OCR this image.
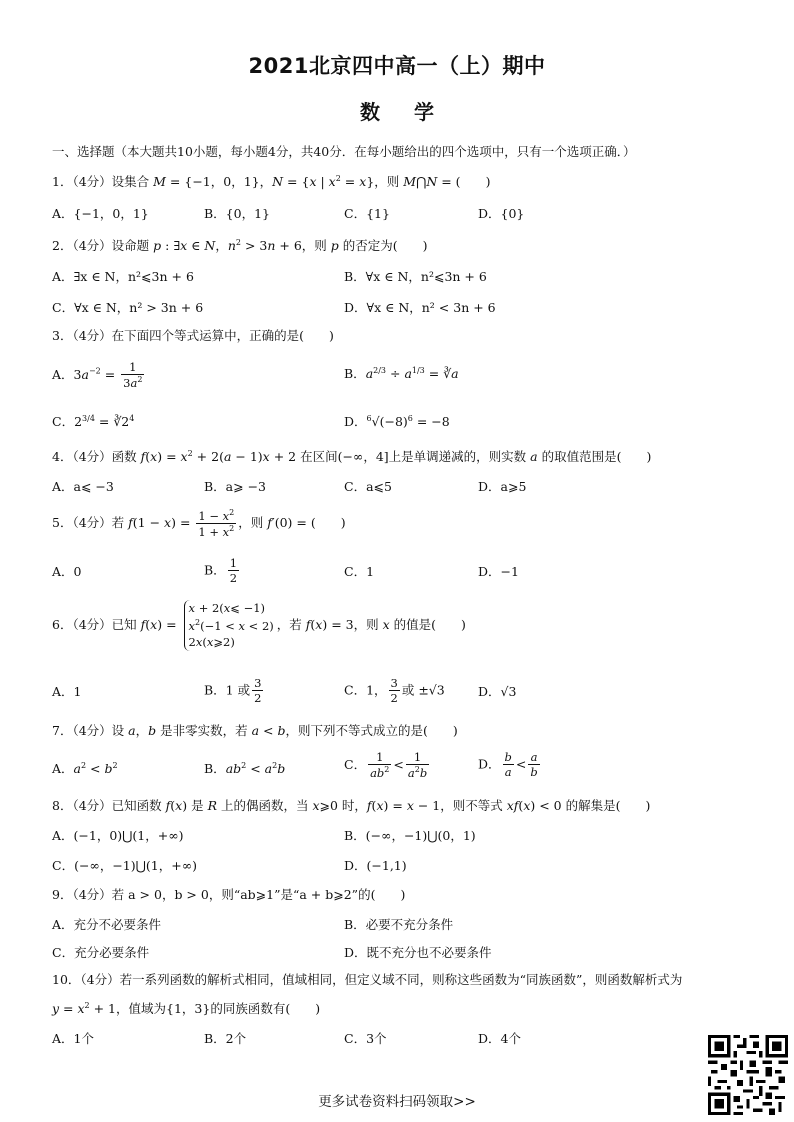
2021北京四中高一（上）期中
数学
一、选择题（本大题共10小题，每小题4分，共40分．在每小题给出的四个选项中，只有一个选项正确．）
1．（4分）设集合 M = {−1，0，1}，N = {x | $x^2 = x$}，则 M⋂N = (　　)
A．{−1，0，1}	B．{0，1}	C．{1}	D．{0}
2．（4分）设命题 p : ∃x ∈ N，$n^2 > 3n + 6$，则 p 的否定为(　　)
A．∃x ∈ N，n²⩽3n + 6	B．∀x ∈ N，n²⩽3n + 6
C．∀x ∈ N，n² > 3n + 6	D．∀x ∈ N，n² < 3n + 6
3．（4分）在下面四个等式运算中，正确的是(　　)
A．$3a^{-2} = \frac{1}{3a^2}$	B．$a^{2/3} \div a^{1/3}$ = ∛a
C．$2^{3/4}$ = $∛2^4$	D．$^6√(-8)^6 = -8$
4．（4分）函数 $f(x) = x^2 + 2(a - 1)x + 2$ 在区间(−∞，4]上是单调递减的，则实数 a 的取值范围是(　　)
A．a⩽ −3	B．a⩾ −3	C．a⩽5	D．a⩾5
5．（4分）若 $f(1 - x) = \frac{1 - x^2}{1 + x^2}$ ，则 f′(0) = (　　)
A．0	B． $\frac{1}{2}$	C．1	D．−1
6．（4分）已知 f(x) =
x + 2(x⩽ −1)
$x^2(-1 < x < 2)$
2x(x⩾2)
，若 f(x) = 3，则 x 的值是(　　)
A．1	B．1 或 $\frac{3}{2}$	C．1， $\frac{3}{2}$ 或 ±√3	D．√3
7．（4分）设 a，b 是非零实数，若 a < b，则下列不等式成立的是(　　)
A．$a^2 < b^2$	B．$ab^2 < a^2b$	C． $\frac{1}{ab^2} < \frac{1}{a^2b}$	D． $\frac{b}{a} < \frac{a}{b}$
8．（4分）已知函数 f(x) 是 R 上的偶函数，当 x⩾0 时，f(x) = x − 1，则不等式 xf(x) < 0 的解集是(　　)
A．(−1，0)⋃(1，+∞)	B．(−∞，−1)⋃(0，1)
C．(−∞，−1)⋃(1，+∞)	D．(−1,1)
9．（4分）若 a > 0，b > 0，则“ab⩾1”是“a + b⩾2”的(　　)
A．充分不必要条件	B．必要不充分条件
C．充分必要条件	D．既不充分也不必要条件
10．（4分）若一系列函数的解析式相同，值域相同，但定义域不同，则称这些函数为“同族函数”，则函数解析式为
$y = x^2 + 1$，值域为{1，3}的同族函数有(　　)
A．1个	B．2个	C．3个	D．4个
更多试卷资料扫码领取>>
